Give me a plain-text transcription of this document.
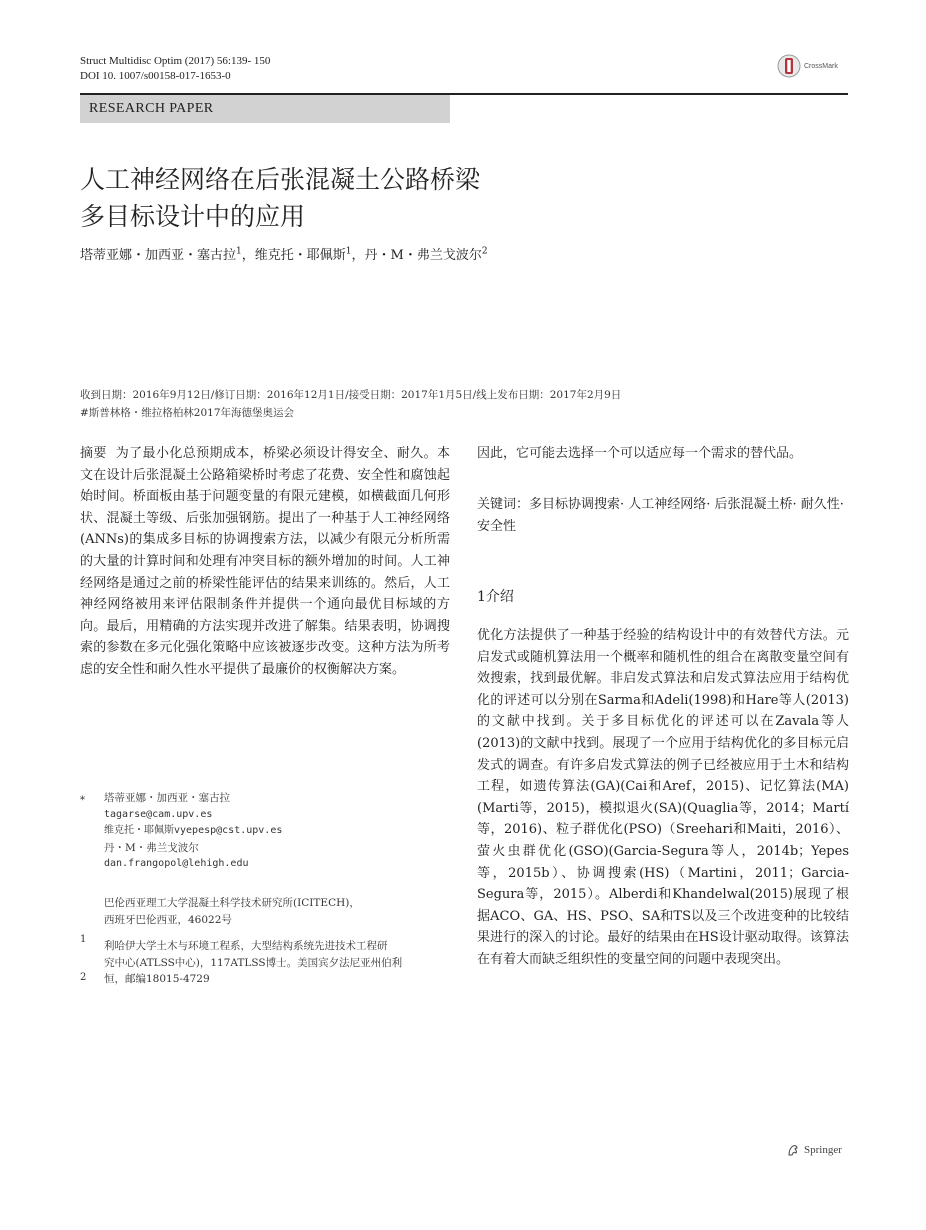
Struct Multidisc Optim (2017) 56:139- 150
DOI 10. 1007/s00158-017-1653-0
CrossMark
RESEARCH PAPER
人工神经网络在后张混凝土公路桥梁
多目标设计中的应用
塔蒂亚娜・加西亚・塞古拉$^1$，维克托・耶佩斯$^1$，丹・M・弗兰戈波尔$^2$
收到日期：2016年9月12日/修订日期：2016年12月1日/接受日期：2017年1月5日/线上发布日期：2017年2月9日
#斯普林格・维拉格柏林2017年海德堡奥运会
摘要 为了最小化总预期成本，桥梁必须设计得安全、耐久。本文在设计后张混凝土公路箱梁桥时考虑了花费、安全性和腐蚀起始时间。桥面板由基于问题变量的有限元建模，如横截面几何形状、混凝土等级、后张加强钢筋。提出了一种基于人工神经网络(ANNs)的集成多目标的协调搜索方法，以减少有限元分析所需的大量的计算时间和处理有冲突目标的额外增加的时间。人工神经网络是通过之前的桥梁性能评估的结果来训练的。然后，人工神经网络被用来评估限制条件并提供一个通向最优目标域的方向。最后，用精确的方法实现并改进了解集。结果表明，协调搜索的参数在多元化强化策略中应该被逐步改变。这种方法为所考虑的安全性和耐久性水平提供了最廉价的权衡解决方案。
因此，它可能去选择一个可以适应每一个需求的替代品。
关键词：多目标协调搜索· 人工神经网络· 后张混凝土桥· 耐久性· 安全性
1介绍
优化方法提供了一种基于经验的结构设计中的有效替代方法。元启发式或随机算法用一个概率和随机性的组合在离散变量空间有效搜索，找到最优解。非启发式算法和启发式算法应用于结构优化的评述可以分别在Sarma和Adeli(1998)和Hare等人(2013)的文献中找到。关于多目标优化的评述可以在Zavala等人(2013)的文献中找到。展现了一个应用于结构优化的多目标元启发式的调查。有许多启发式算法的例子已经被应用于土木和结构工程，如遗传算法(GA)(Cai和Aref，2015)、记忆算法(MA)(Marti等，2015)，模拟退火(SA)(Quaglia等，2014；Martí等，2016)、粒子群优化(PSO)（Sreehari和Maiti，2016）、萤火虫群优化(GSO)(Garcia-Segura等人，2014b；Yepes等，2015b）、协调搜索(HS)（Martini，2011；Garcia-Segura等，2015）。Alberdi和Khandelwal(2015)展现了根据ACO、GA、HS、PSO、SA和TS以及三个改进变种的比较结果进行的深入的讨论。最好的结果由在HS设计驱动取得。该算法在有着大而缺乏组织性的变量空间的问题中表现突出。
* 塔蒂亚娜・加西亚・塞古拉
tagarse@cam.upv.es
维克托・耶佩斯vyepesp@cst.upv.es
丹・M・弗兰戈波尔
dan.frangopol@lehigh.edu
巴伦西亚理工大学混凝土科学技术研究所(ICITECH)，
西班牙巴伦西亚，46022号
1
2
利哈伊大学土木与环境工程系，大型结构系统先进技术工程研
究中心(ATLSS中心)，117ATLSS博士。美国宾夕法尼亚州伯利
恒，邮编18015-4729
Springer
